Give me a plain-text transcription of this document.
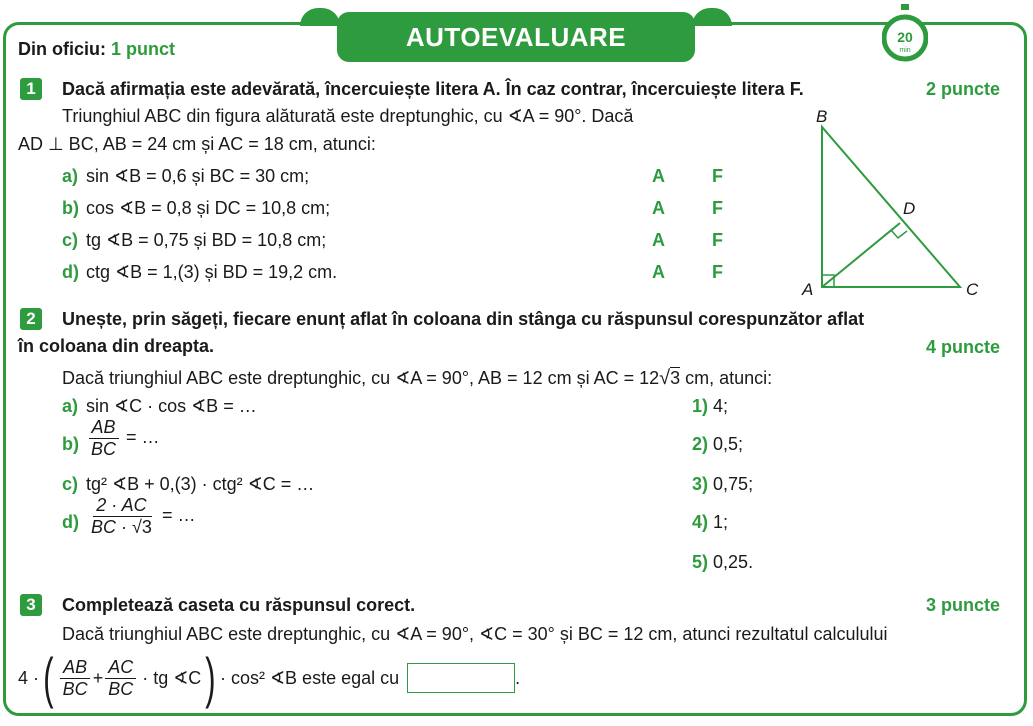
AUTOEVALUARE	20
min
Din oficiu: 1 punct
1	Dacă afirmația este adevărată, încercuiește litera A. În caz contrar, încercuiește litera F.	2 puncte
Triunghiul ABC din figura alăturată este dreptunghic, cu ∢A = 90°. Dacă
AD ⊥ BC, AB = 24 cm și AC = 18 cm, atunci:
a) sin ∢B = 0,6 și BC = 30 cm;	A	F
b) cos ∢B = 0,8 și DC = 10,8 cm;	A	F
c) tg ∢B = 0,75 și BD = 10,8 cm;	A	F
d) ctg ∢B = 1,(3) și BD = 19,2 cm.	A	F
B
D
A	C
2	Unește, prin săgeți, fiecare enunț aflat în coloana din stânga cu răspunsul corespunzător aflat
în coloana din dreapta.	4 puncte
Dacă triunghiul ABC este dreptunghic, cu ∢A = 90°, AB = 12 cm și AC = 12√3 cm, atunci:
a) sin ∢C · cos ∢B = …
$b) \frac{AB}{BC}$ = …
c) tg² ∢B + 0,(3) · ctg² ∢C = …
$d) \frac{2 \cdot AC}{BC \cdot √3}$ = …
1) 4;
2) 0,5;
3) 0,75;
4) 1;
5) 0,25.
3	Completează caseta cu răspunsul corect.	3 puncte
Dacă triunghiul ABC este dreptunghic, cu ∢A = 90°, ∢C = 30° și BC = 12 cm, atunci rezultatul calculului
4 · ( $\frac{AB}{BC} + \frac{AC}{BC}$ · tg ∢C ) · cos² ∢B este egal cu	.
